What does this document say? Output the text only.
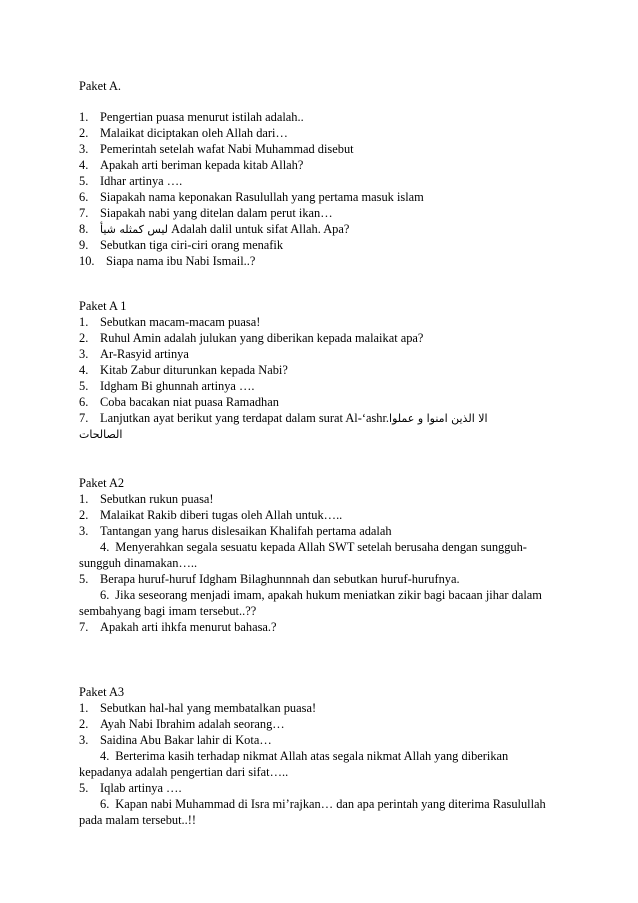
Paket A.
1. Pengertian puasa menurut istilah adalah..
2. Malaikat diciptakan oleh Allah dari…
3. Pemerintah setelah wafat Nabi Muhammad disebut
4. Apakah arti beriman kepada kitab Allah?
5. Idhar artinya ….
6. Siapakah nama keponakan Rasulullah yang pertama masuk islam
7. Siapakah nabi yang ditelan dalam perut ikan…
8.	ليس كمثله شيأ Adalah dalil untuk sifat Allah. Apa?
9. Sebutkan tiga ciri-ciri orang menafik
10. Siapa nama ibu Nabi Ismail..?
Paket A 1
1. Sebutkan macam-macam puasa!
2. Ruhul Amin adalah julukan yang diberikan kepada malaikat apa?
3. Ar-Rasyid artinya
4. Kitab Zabur diturunkan kepada Nabi?
5. Idgham Bi ghunnah artinya ….
6. Coba bacakan niat puasa Ramadhan
7. Lanjutkan ayat berikut yang terdapat dalam surat Al-‘ashr.الا الذين امنوا و عملوا
الصالحات
Paket A2
1. Sebutkan rukun puasa!
2. Malaikat Rakib diberi tugas oleh Allah untuk…..
3. Tantangan yang harus dislesaikan Khalifah pertama adalah
4. Menyerahkan segala sesuatu kepada Allah SWT setelah berusaha dengan sungguh-sungguh dinamakan…..
5. Berapa huruf-huruf Idgham Bilaghunnnah dan sebutkan huruf-hurufnya.
6. Jika seseorang menjadi imam, apakah hukum meniatkan zikir bagi bacaan jihar dalam sembahyang bagi imam tersebut..??
7. Apakah arti ihkfa menurut bahasa.?
Paket A3
1. Sebutkan hal-hal yang membatalkan puasa!
2. Ayah Nabi Ibrahim adalah seorang…
3. Saidina Abu Bakar lahir di Kota…
4. Berterima kasih terhadap nikmat Allah atas segala nikmat Allah yang diberikan kepadanya adalah pengertian dari sifat…..
5. Iqlab artinya ….
6. Kapan nabi Muhammad di Isra mi’rajkan… dan apa perintah yang diterima Rasulullah pada malam tersebut..!!
